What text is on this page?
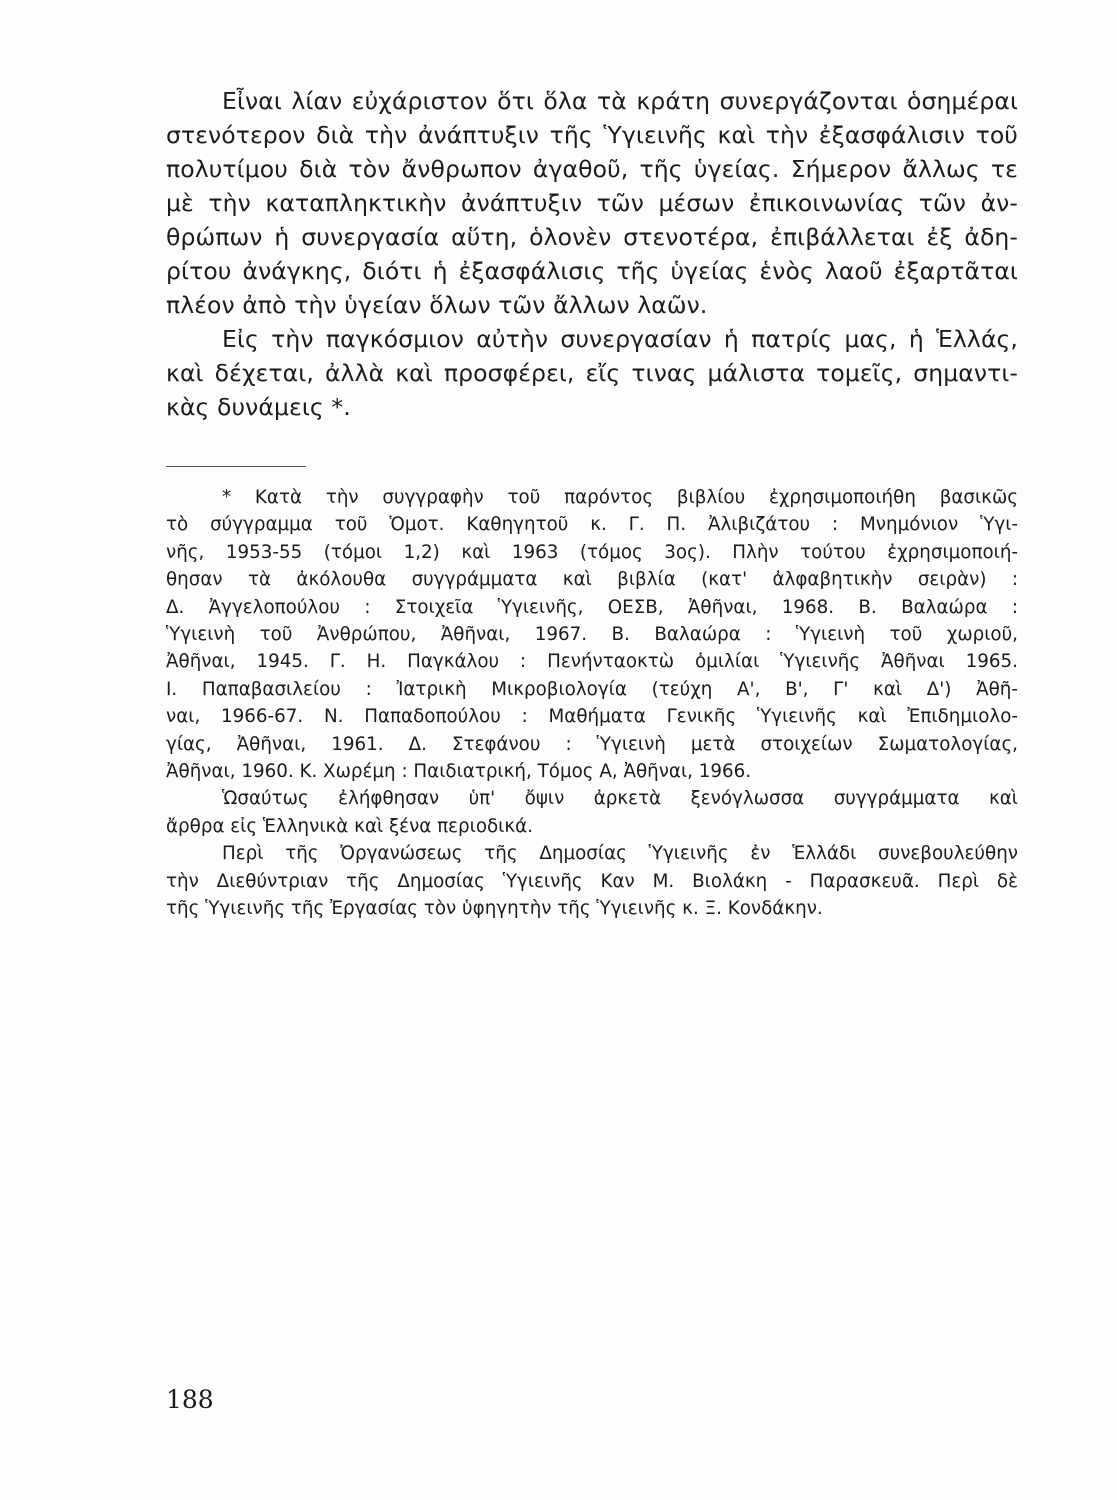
Εἶναι λίαν εὐχάριστον ὅτι ὅλα τὰ κράτη συνεργάζονται ὁσημέραι
στενότερον διὰ τὴν ἀνάπτυξιν τῆς Ὑγιεινῆς καὶ τὴν ἐξασφάλισιν τοῦ
πολυτίμου διὰ τὸν ἄνθρωπον ἀγαθοῦ, τῆς ὑγείας. Σήμερον ἄλλως τε
μὲ τὴν καταπληκτικὴν ἀνάπτυξιν τῶν μέσων ἐπικοινωνίας τῶν ἀν-
θρώπων ἡ συνεργασία αὕτη, ὁλονὲν στενοτέρα, ἐπιβάλλεται ἐξ ἀδη-
ρίτου ἀνάγκης, διότι ἡ ἐξασφάλισις τῆς ὑγείας ἑνὸς λαοῦ ἐξαρτᾶται
πλέον ἀπὸ τὴν ὑγείαν ὅλων τῶν ἄλλων λαῶν.
Εἰς τὴν παγκόσμιον αὐτὴν συνεργασίαν ἡ πατρίς μας, ἡ Ἑλλάς,
καὶ δέχεται, ἀλλὰ καὶ προσφέρει, εἴς τινας μάλιστα τομεῖς, σημαντι-
κὰς δυνάμεις *.
* Κατὰ τὴν συγγραφὴν τοῦ παρόντος βιβλίου ἐχρησιμοποιήθη βασικῶς
τὸ σύγγραμμα τοῦ Ὁμοτ. Καθηγητοῦ κ. Γ. Π. Ἀλιβιζάτου : Μνημόνιον Ὑγι-
νῆς, 1953-55 (τόμοι 1,2) καὶ 1963 (τόμος 3ος). Πλὴν τούτου ἐχρησιμοποιή-
θησαν τὰ ἀκόλουθα συγγράμματα καὶ βιβλία (κατ' ἀλφαβητικὴν σειρὰν) :
Δ. Ἀγγελοπούλου : Στοιχεῖα Ὑγιεινῆς, ΟΕΣΒ, Ἀθῆναι, 1968. Β. Βαλαώρα :
Ὑγιεινὴ τοῦ Ἀνθρώπου, Ἀθῆναι, 1967. Β. Βαλαώρα : Ὑγιεινὴ τοῦ χωριοῦ,
Ἀθῆναι, 1945. Γ. Η. Παγκάλου : Πενήνταοκτὼ ὁμιλίαι Ὑγιεινῆς Ἀθῆναι 1965.
Ι. Παπαβασιλείου : Ἰατρικὴ Μικροβιολογία (τεύχη Α', Β', Γ' καὶ Δ') Ἀθῆ-
ναι, 1966-67. Ν. Παπαδοπούλου : Μαθήματα Γενικῆς Ὑγιεινῆς καὶ Ἐπιδημιολο-
γίας, Ἀθῆναι, 1961. Δ. Στεφάνου : Ὑγιεινὴ μετὰ στοιχείων Σωματολογίας,
Ἀθῆναι, 1960. Κ. Χωρέμη : Παιδιατρική, Τόμος Α, Ἀθῆναι, 1966.
Ὡσαύτως ἐλήφθησαν ὑπ' ὄψιν ἀρκετὰ ξενόγλωσσα συγγράμματα καὶ
ἄρθρα εἰς Ἑλληνικὰ καὶ ξένα περιοδικά.
Περὶ τῆς Ὀργανώσεως τῆς Δημοσίας Ὑγιεινῆς ἐν Ἑλλάδι συνεβουλεύθην
τὴν Διεθύντριαν τῆς Δημοσίας Ὑγιεινῆς Καν Μ. Βιολάκη - Παρασκευᾶ. Περὶ δὲ
τῆς Ὑγιεινῆς τῆς Ἐργασίας τὸν ὑφηγητὴν τῆς Ὑγιεινῆς κ. Ξ. Κονδάκην.
188
